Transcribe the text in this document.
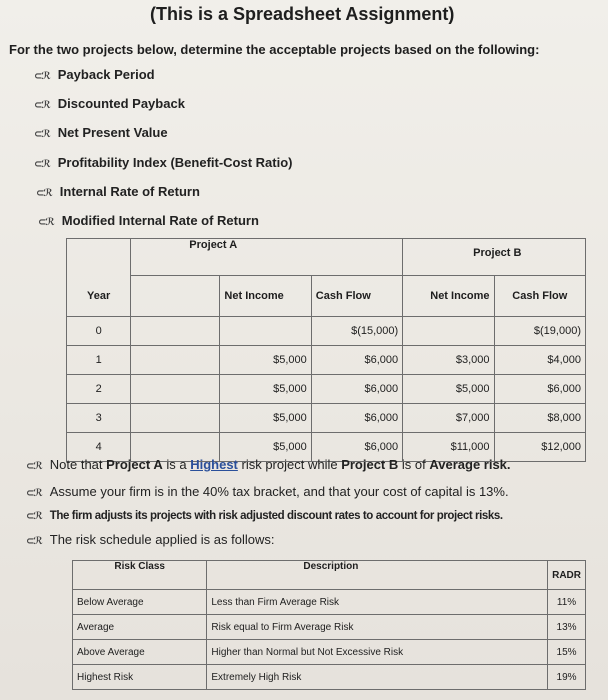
(This is a Spreadsheet Assignment)
For the two projects below, determine the acceptable projects based on the following:
⊂ℛ Payback Period
⊂ℛ Discounted Payback
⊂ℛ Net Present Value
⊂ℛ Profitability Index (Benefit-Cost Ratio)
⊂ℛ Internal Rate of Return
⊂ℛ Modified Internal Rate of Return
	Project A			Project B	
Year		Net Income	Cash Flow	Net Income	Cash Flow
0			$(15,000)		$(19,000)
1		$5,000	$6,000	$3,000	$4,000
2		$5,000	$6,000	$5,000	$6,000
3		$5,000	$6,000	$7,000	$8,000
4		$5,000	$6,000	$11,000	$12,000
⊂ℛ Note that Project A is a Highest risk project while Project B is of Average risk.
⊂ℛ Assume your firm is in the 40% tax bracket, and that your cost of capital is 13%.
⊂ℛ The firm adjusts its projects with risk adjusted discount rates to account for project risks.
⊂ℛ The risk schedule applied is as follows:
Risk Class	Description	RADR
Below Average	Less than Firm Average Risk	11%
Average	Risk equal to Firm Average Risk	13%
Above Average	Higher than Normal but Not Excessive Risk	15%
Highest Risk	Extremely High Risk	19%
